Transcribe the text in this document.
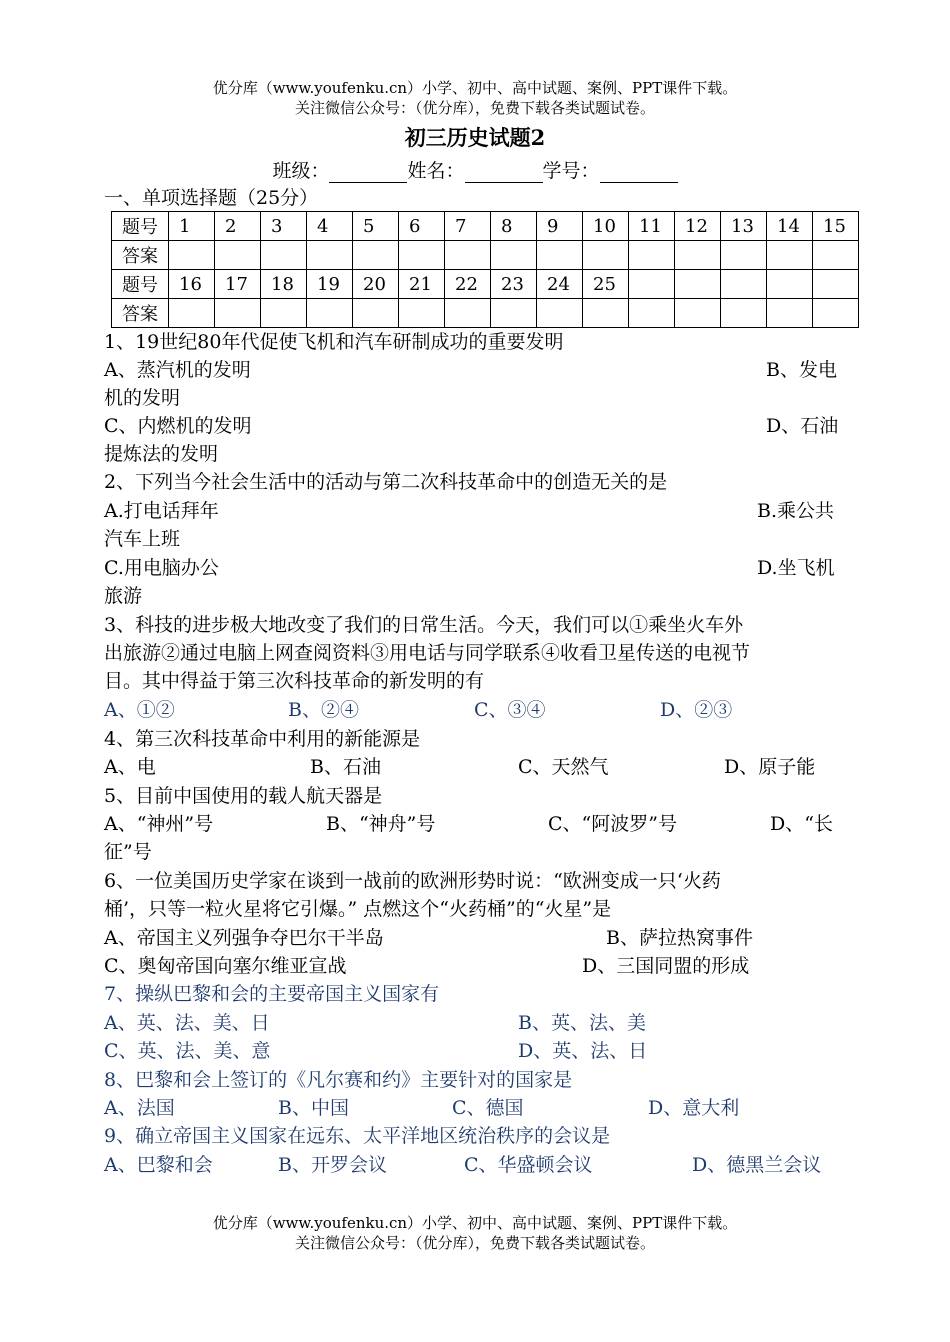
优分库（www.youfenku.cn）小学、初中、高中试题、案例、PPT课件下载。
关注微信公众号：（优分库），免费下载各类试题试卷。
初三历史试题2
班级：	姓名：	学号：
一、单项选择题（25分）
题号	1	2	3	4	5	6	7	8	9	10	11	12	13	14	15
答案															
题号	16	17	18	19	20	21	22	23	24	25					
答案															
1、19世纪80年代促使飞机和汽车研制成功的重要发明
A、蒸汽机的发明	B、发电
机的发明
C、内燃机的发明	D、石油
提炼法的发明
2、下列当今社会生活中的活动与第二次科技革命中的创造无关的是
A.打电话拜年	B.乘公共
汽车上班
C.用电脑办公	D.坐飞机
旅游
3、科技的进步极大地改变了我们的日常生活。今天，我们可以①乘坐火车外
出旅游②通过电脑上网查阅资料③用电话与同学联系④收看卫星传送的电视节
目。其中得益于第三次科技革命的新发明的有
A、①②	B、②④	C、③④	D、②③
4、第三次科技革命中利用的新能源是
A、电	B、石油	C、天然气	D、原子能
5、目前中国使用的载人航天器是
A、“神州”号	B、“神舟”号	C、“阿波罗”号	D、“长
征”号
6、一位美国历史学家在谈到一战前的欧洲形势时说：“欧洲变成一只‘火药
桶’，只等一粒火星将它引爆。” 点燃这个“火药桶”的“火星”是
A、帝国主义列强争夺巴尔干半岛	B、萨拉热窝事件
C、奥匈帝国向塞尔维亚宣战	D、三国同盟的形成
7、操纵巴黎和会的主要帝国主义国家有
A、英、法、美、日	B、英、法、美
C、英、法、美、意	D、英、法、日
8、巴黎和会上签订的《凡尔赛和约》主要针对的国家是
A、法国	B、中国	C、德国	D、意大利
9、确立帝国主义国家在远东、太平洋地区统治秩序的会议是
A、巴黎和会	B、开罗会议	C、华盛顿会议	D、德黑兰会议
优分库（www.youfenku.cn）小学、初中、高中试题、案例、PPT课件下载。
关注微信公众号：（优分库），免费下载各类试题试卷。
